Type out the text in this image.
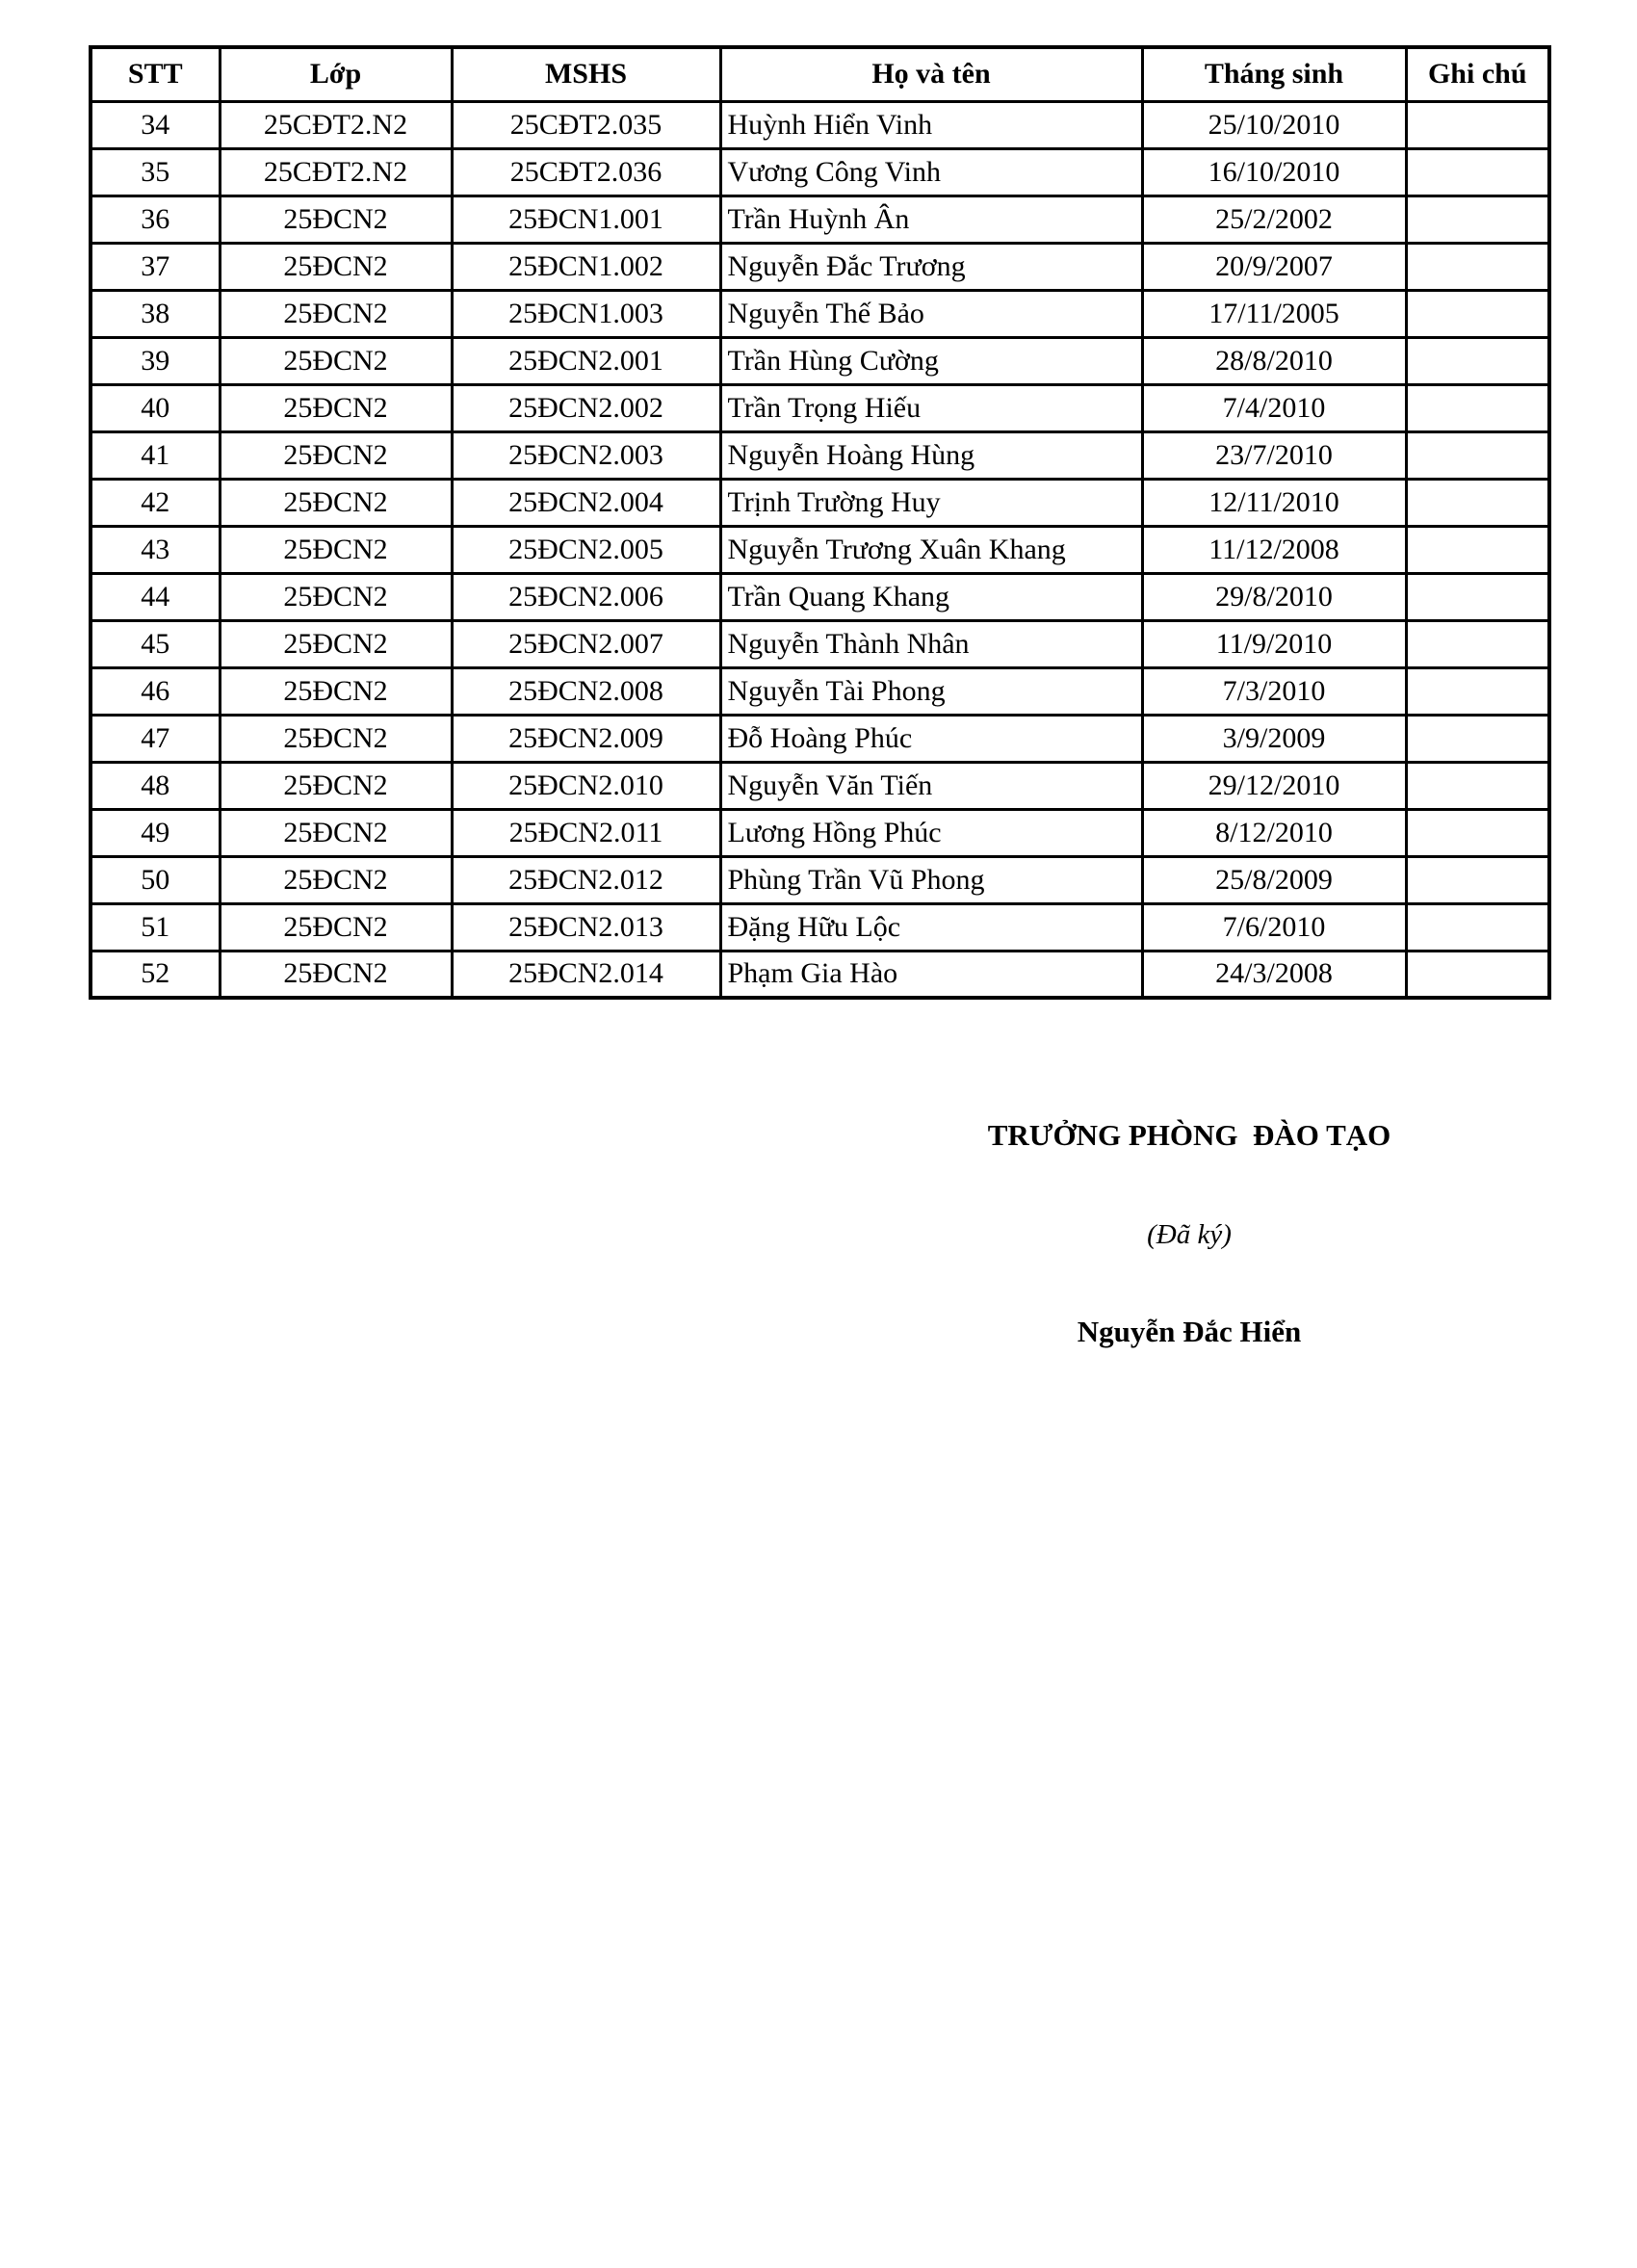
STT	Lớp	MSHS	Họ và tên	Tháng sinh	Ghi chú
34	25CĐT2.N2	25CĐT2.035	Huỳnh Hiển Vinh	25/10/2010	
35	25CĐT2.N2	25CĐT2.036	Vương Công Vinh	16/10/2010	
36	25ĐCN2	25ĐCN1.001	Trần Huỳnh Ân	25/2/2002	
37	25ĐCN2	25ĐCN1.002	Nguyễn Đắc Trương	20/9/2007	
38	25ĐCN2	25ĐCN1.003	Nguyễn Thế Bảo	17/11/2005	
39	25ĐCN2	25ĐCN2.001	Trần Hùng Cường	28/8/2010	
40	25ĐCN2	25ĐCN2.002	Trần Trọng Hiếu	7/4/2010	
41	25ĐCN2	25ĐCN2.003	Nguyễn Hoàng Hùng	23/7/2010	
42	25ĐCN2	25ĐCN2.004	Trịnh Trường Huy	12/11/2010	
43	25ĐCN2	25ĐCN2.005	Nguyễn Trương Xuân Khang	11/12/2008	
44	25ĐCN2	25ĐCN2.006	Trần Quang Khang	29/8/2010	
45	25ĐCN2	25ĐCN2.007	Nguyễn Thành Nhân	11/9/2010	
46	25ĐCN2	25ĐCN2.008	Nguyễn Tài Phong	7/3/2010	
47	25ĐCN2	25ĐCN2.009	Đỗ Hoàng Phúc	3/9/2009	
48	25ĐCN2	25ĐCN2.010	Nguyễn Văn Tiến	29/12/2010	
49	25ĐCN2	25ĐCN2.011	Lương Hồng Phúc	8/12/2010	
50	25ĐCN2	25ĐCN2.012	Phùng Trần Vũ Phong	25/8/2009	
51	25ĐCN2	25ĐCN2.013	Đặng Hữu Lộc	7/6/2010	
52	25ĐCN2	25ĐCN2.014	Phạm Gia Hào	24/3/2008	
TRƯỞNG PHÒNG  ĐÀO TẠO
(Đã ký)
Nguyễn Đắc Hiển
